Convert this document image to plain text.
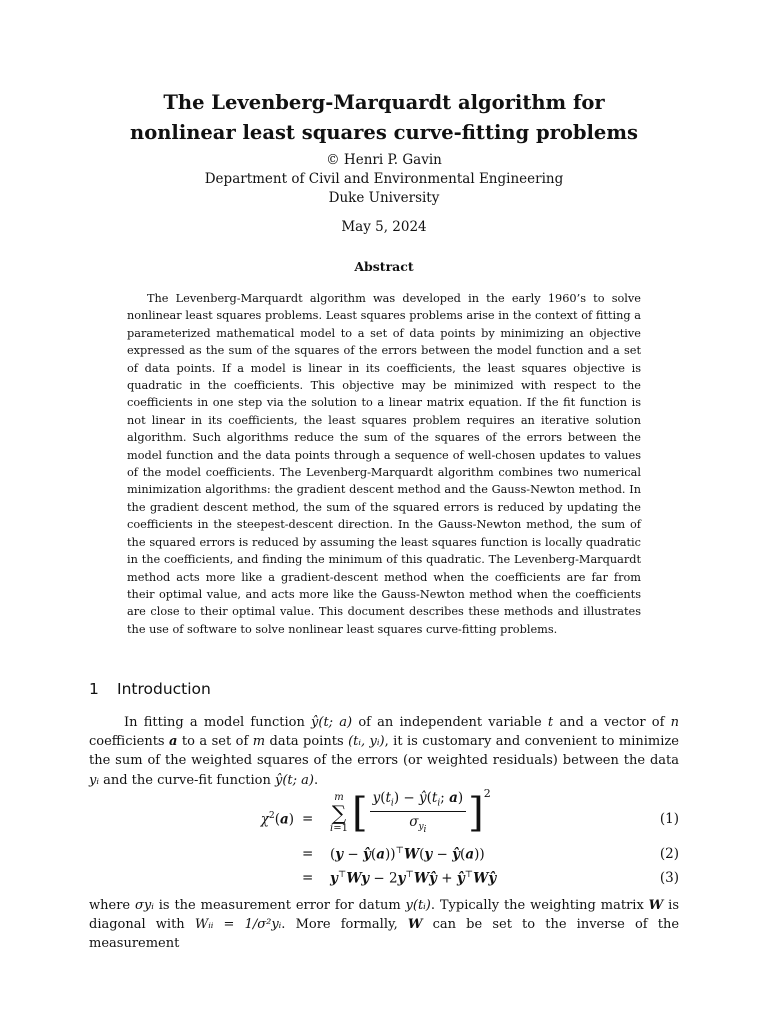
The Levenberg-Marquardt algorithm for
nonlinear least squares curve-fitting problems
© Henri P. Gavin
Department of Civil and Environmental Engineering
Duke University
May 5, 2024
Abstract
The Levenberg-Marquardt algorithm was developed in the early 1960’s to solve nonlinear least squares problems. Least squares problems arise in the context of fitting a parameterized mathematical model to a set of data points by minimizing an objective expressed as the sum of the squares of the errors between the model function and a set of data points. If a model is linear in its coefficients, the least squares objective is quadratic in the coefficients. This objective may be minimized with respect to the coefficients in one step via the solution to a linear matrix equation. If the fit function is not linear in its coefficients, the least squares problem requires an iterative solution algorithm. Such algorithms reduce the sum of the squares of the errors between the model function and the data points through a sequence of well-chosen updates to values of the model coefficients. The Levenberg-Marquardt algorithm combines two numerical minimization algorithms: the gradient descent method and the Gauss-Newton method. In the gradient descent method, the sum of the squared errors is reduced by updating the coefficients in the steepest-descent direction. In the Gauss-Newton method, the sum of the squared errors is reduced by assuming the least squares function is locally quadratic in the coefficients, and finding the minimum of this quadratic. The Levenberg-Marquardt method acts more like a gradient-descent method when the coefficients are far from their optimal value, and acts more like the Gauss-Newton method when the coefficients are close to their optimal value. This document describes these methods and illustrates the use of software to solve nonlinear least squares curve-fitting problems.
1 Introduction
In fitting a model function ŷ(t; a) of an independent variable t and a vector of n coefficients a to a set of m data points (tᵢ, yᵢ), it is customary and convenient to minimize the sum of the weighted squares of the errors (or weighted residuals) between the data yᵢ and the curve-fit function ŷ(t; a).
$\chi^2(a)$ =
m
∑
i=1 [ $\frac{y(t_i) - ŷ(t_i; a)}{\sigma_{y_i}} ]^2$
(1)
= (y − ŷ(a))⊤W(y − ŷ(a))	(2)
= y⊤Wy − 2y⊤Wŷ + ŷ⊤Wŷ	(3)
where σyᵢ is the measurement error for datum y(tᵢ). Typically the weighting matrix W is diagonal with Wᵢᵢ = 1/σ²yᵢ. More formally, W can be set to the inverse of the measurement
